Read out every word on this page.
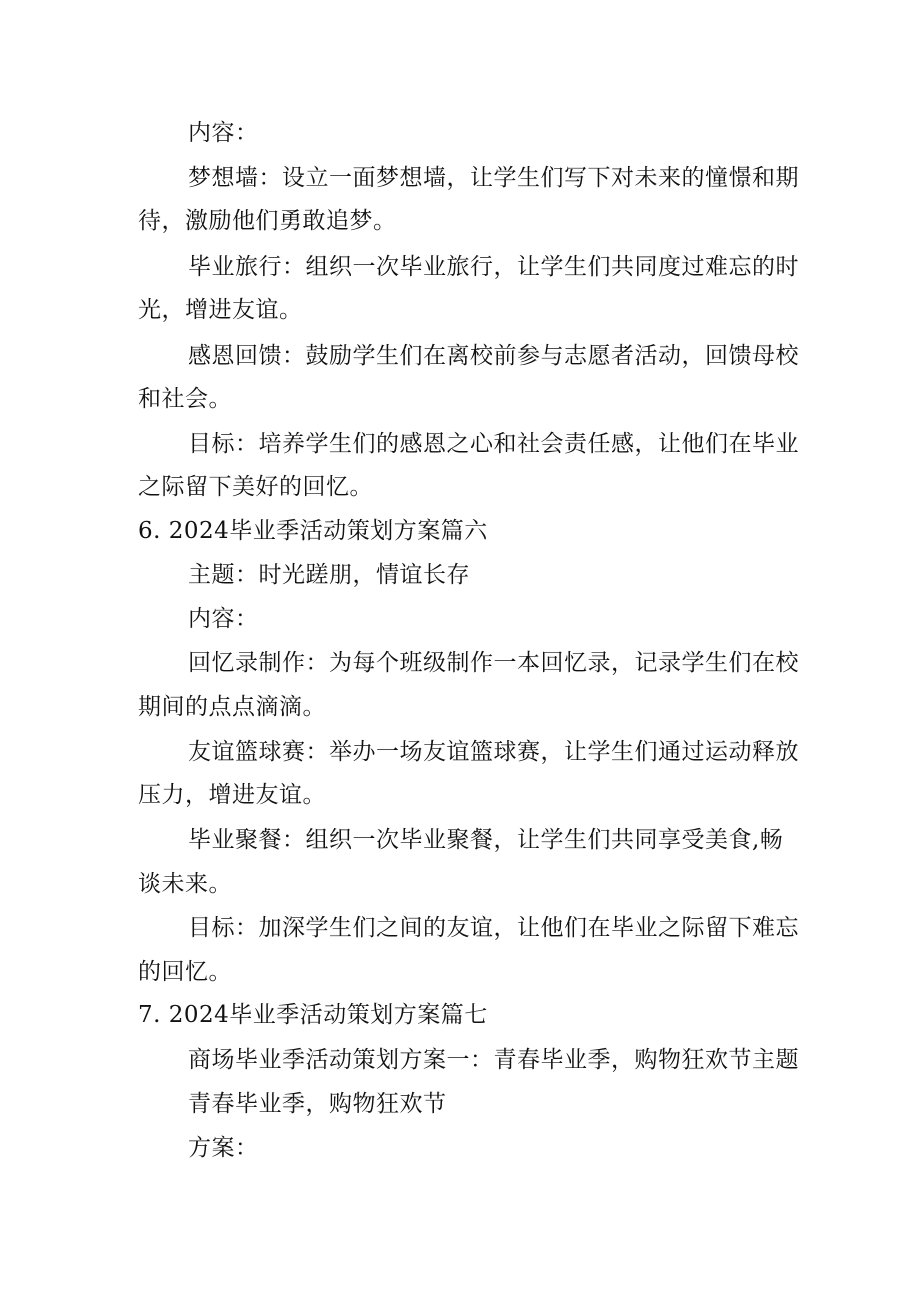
内容：
梦想墙：设立一面梦想墙，让学生们写下对未来的憧憬和期
待，激励他们勇敢追梦。
毕业旅行：组织一次毕业旅行，让学生们共同度过难忘的时
光，增进友谊。
感恩回馈：鼓励学生们在离校前参与志愿者活动，回馈母校
和社会。
目标：培养学生们的感恩之心和社会责任感，让他们在毕业
之际留下美好的回忆。
6. 2024毕业季活动策划方案篇六
主题：时光蹉朋，情谊长存
内容：
回忆录制作：为每个班级制作一本回忆录，记录学生们在校
期间的点点滴滴。
友谊篮球赛：举办一场友谊篮球赛，让学生们通过运动释放
压力，增进友谊。
毕业聚餐：组织一次毕业聚餐，让学生们共同享受美食,畅
谈未来。
目标：加深学生们之间的友谊，让他们在毕业之际留下难忘
的回忆。
7. 2024毕业季活动策划方案篇七
商场毕业季活动策划方案一：青春毕业季，购物狂欢节主题
青春毕业季，购物狂欢节
方案：
